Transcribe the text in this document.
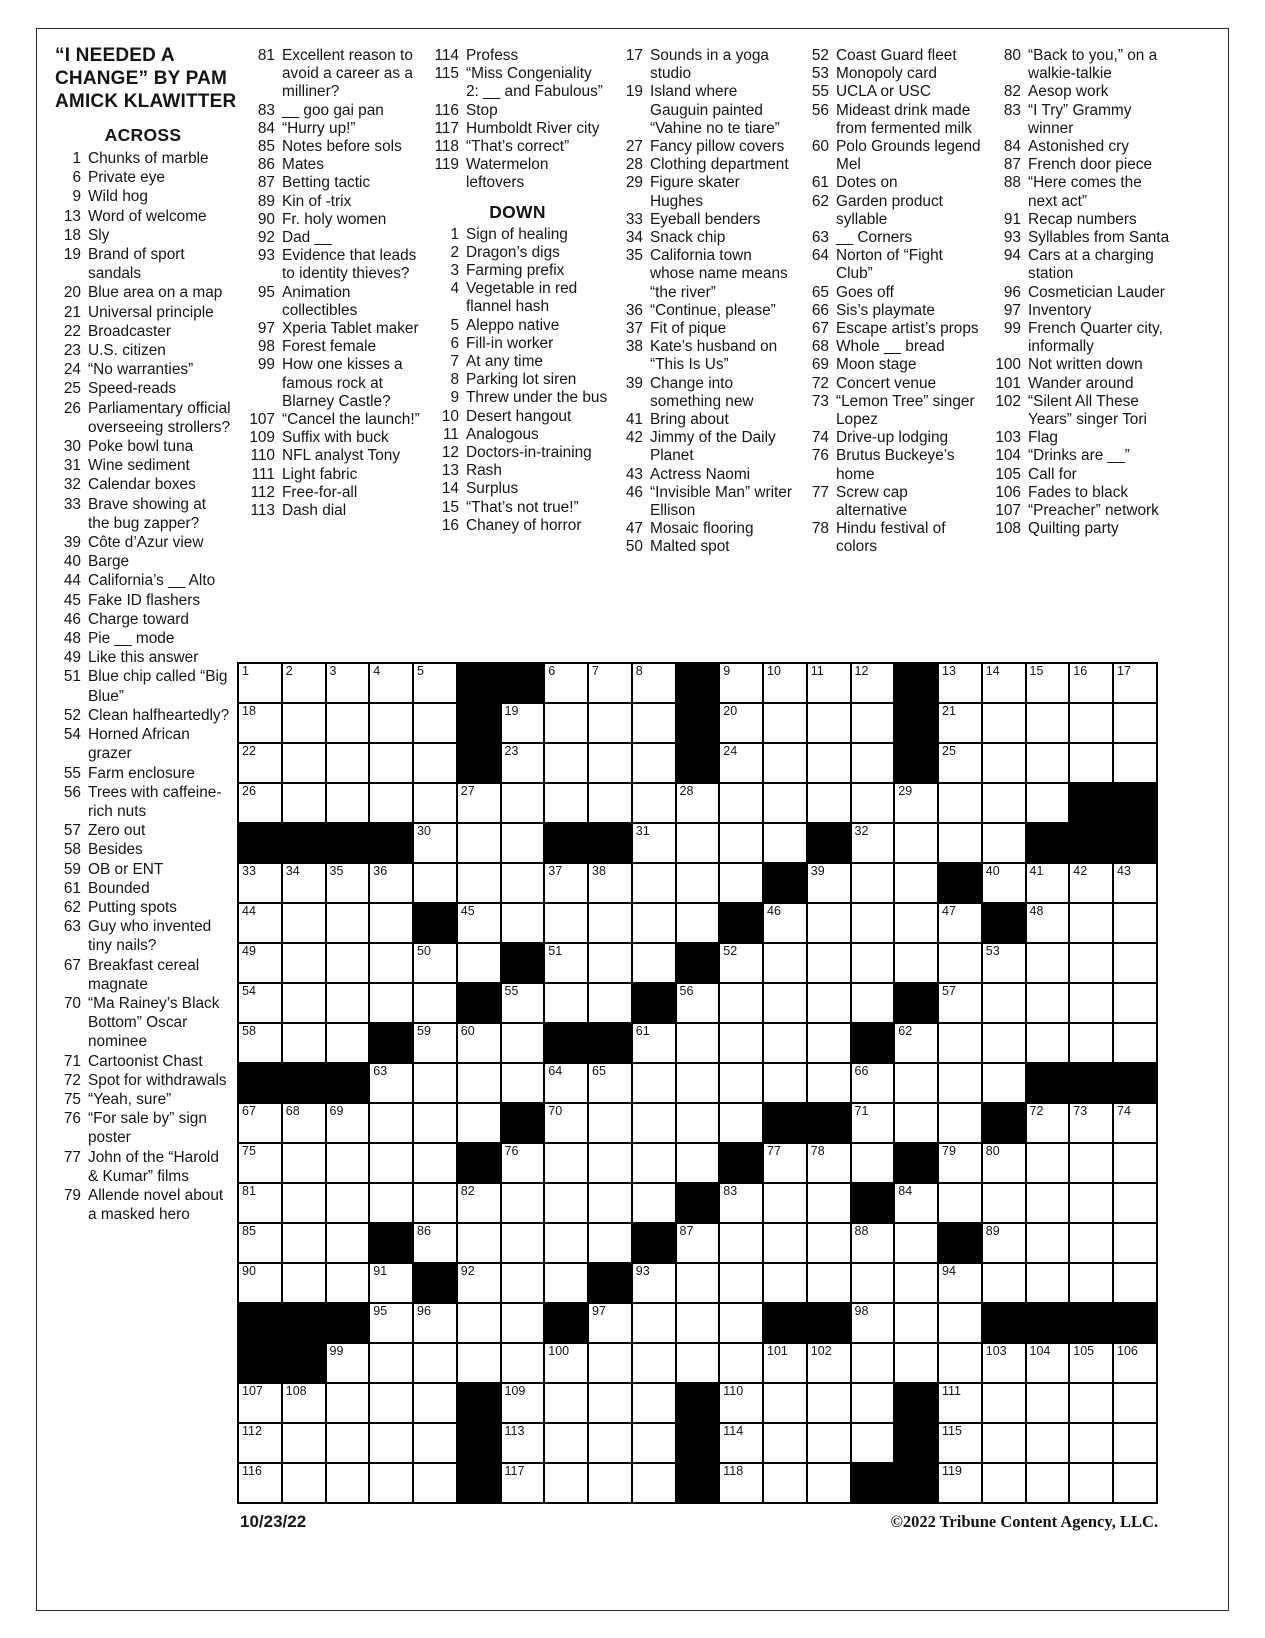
“I NEEDED A CHANGE” BY PAM AMICK KLAWITTER
ACROSS
1 Chunks of marble
6 Private eye
9 Wild hog
13 Word of welcome
18 Sly
19 Brand of sport sandals
20 Blue area on a map
21 Universal principle
22 Broadcaster
23 U.S. citizen
24 “No warranties”
25 Speed-reads
26 Parliamentary official overseeing strollers?
30 Poke bowl tuna
31 Wine sediment
32 Calendar boxes
33 Brave showing at the bug zapper?
39 Côte d’Azur view
40 Barge
44 California’s __ Alto
45 Fake ID flashers
46 Charge toward
48 Pie __ mode
49 Like this answer
51 Blue chip called “Big Blue”
52 Clean halfheartedly?
54 Horned African grazer
55 Farm enclosure
56 Trees with caffeine-rich nuts
57 Zero out
58 Besides
59 OB or ENT
61 Bounded
62 Putting spots
63 Guy who invented tiny nails?
67 Breakfast cereal magnate
70 “Ma Rainey’s Black Bottom” Oscar nominee
71 Cartoonist Chast
72 Spot for withdrawals
75 “Yeah, sure”
76 “For sale by” sign poster
77 John of the “Harold & Kumar” films
79 Allende novel about a masked hero
81 Excellent reason to avoid a career as a milliner?
83 __ goo gai pan
84 “Hurry up!”
85 Notes before sols
86 Mates
87 Betting tactic
89 Kin of -trix
90 Fr. holy women
92 Dad __
93 Evidence that leads to identity thieves?
95 Animation collectibles
97 Xperia Tablet maker
98 Forest female
99 How one kisses a famous rock at Blarney Castle?
107 “Cancel the launch!”
109 Suffix with buck
110 NFL analyst Tony
111 Light fabric
112 Free-for-all
113 Dash dial
114 Profess
115 “Miss Congeniality 2: __ and Fabulous”
116 Stop
117 Humboldt River city
118 “That’s correct”
119 Watermelon leftovers
DOWN
1 Sign of healing
2 Dragon’s digs
3 Farming prefix
4 Vegetable in red flannel hash
5 Aleppo native
6 Fill-in worker
7 At any time
8 Parking lot siren
9 Threw under the bus
10 Desert hangout
11 Analogous
12 Doctors-in-training
13 Rash
14 Surplus
15 “That’s not true!”
16 Chaney of horror
17 Sounds in a yoga studio
19 Island where Gauguin painted “Vahine no te tiare”
27 Fancy pillow covers
28 Clothing department
29 Figure skater Hughes
33 Eyeball benders
34 Snack chip
35 California town whose name means “the river”
36 “Continue, please”
37 Fit of pique
38 Kate’s husband on “This Is Us”
39 Change into something new
41 Bring about
42 Jimmy of the Daily Planet
43 Actress Naomi
46 “Invisible Man” writer Ellison
47 Mosaic flooring
50 Malted spot
52 Coast Guard fleet
53 Monopoly card
55 UCLA or USC
56 Mideast drink made from fermented milk
60 Polo Grounds legend Mel
61 Dotes on
62 Garden product syllable
63 __ Corners
64 Norton of “Fight Club”
65 Goes off
66 Sis’s playmate
67 Escape artist’s props
68 Whole __ bread
69 Moon stage
72 Concert venue
73 “Lemon Tree” singer Lopez
74 Drive-up lodging
76 Brutus Buckeye’s home
77 Screw cap alternative
78 Hindu festival of colors
80 “Back to you,” on a walkie-talkie
82 Aesop work
83 “I Try” Grammy winner
84 Astonished cry
87 French door piece
88 “Here comes the next act”
91 Recap numbers
93 Syllables from Santa
94 Cars at a charging station
96 Cosmetician Lauder
97 Inventory
99 French Quarter city, informally
100 Not written down
101 Wander around
102 “Silent All These Years” singer Tori
103 Flag
104 “Drinks are __”
105 Call for
106 Fades to black
107 “Preacher” network
108 Quilting party
1	2	3	4	5			6	7	8		9	10	11	12		13	14	15	16	17

18						19					20					21				

22						23					24					25				

26					27					28					29					

				30					31					32						

33	34	35	36				37	38					39				40	41	42	43

44					45							46				47		48		

49				50			51				52						53			

54						55				56						57				

58				59	60				61						62					

			63				64	65						66						

67	68	69					70							71				72	73	74

75						76						77	78			79	80			

81					82						83				84					

85				86						87				88			89			

90			91		92				93							94				

			95	96				97						98						

		99					100					101	102				103	104	105	106

107	108					109					110					111				

112						113					114					115				

116						117					118					119				

10/23/22	©2022 Tribune Content Agency, LLC.
